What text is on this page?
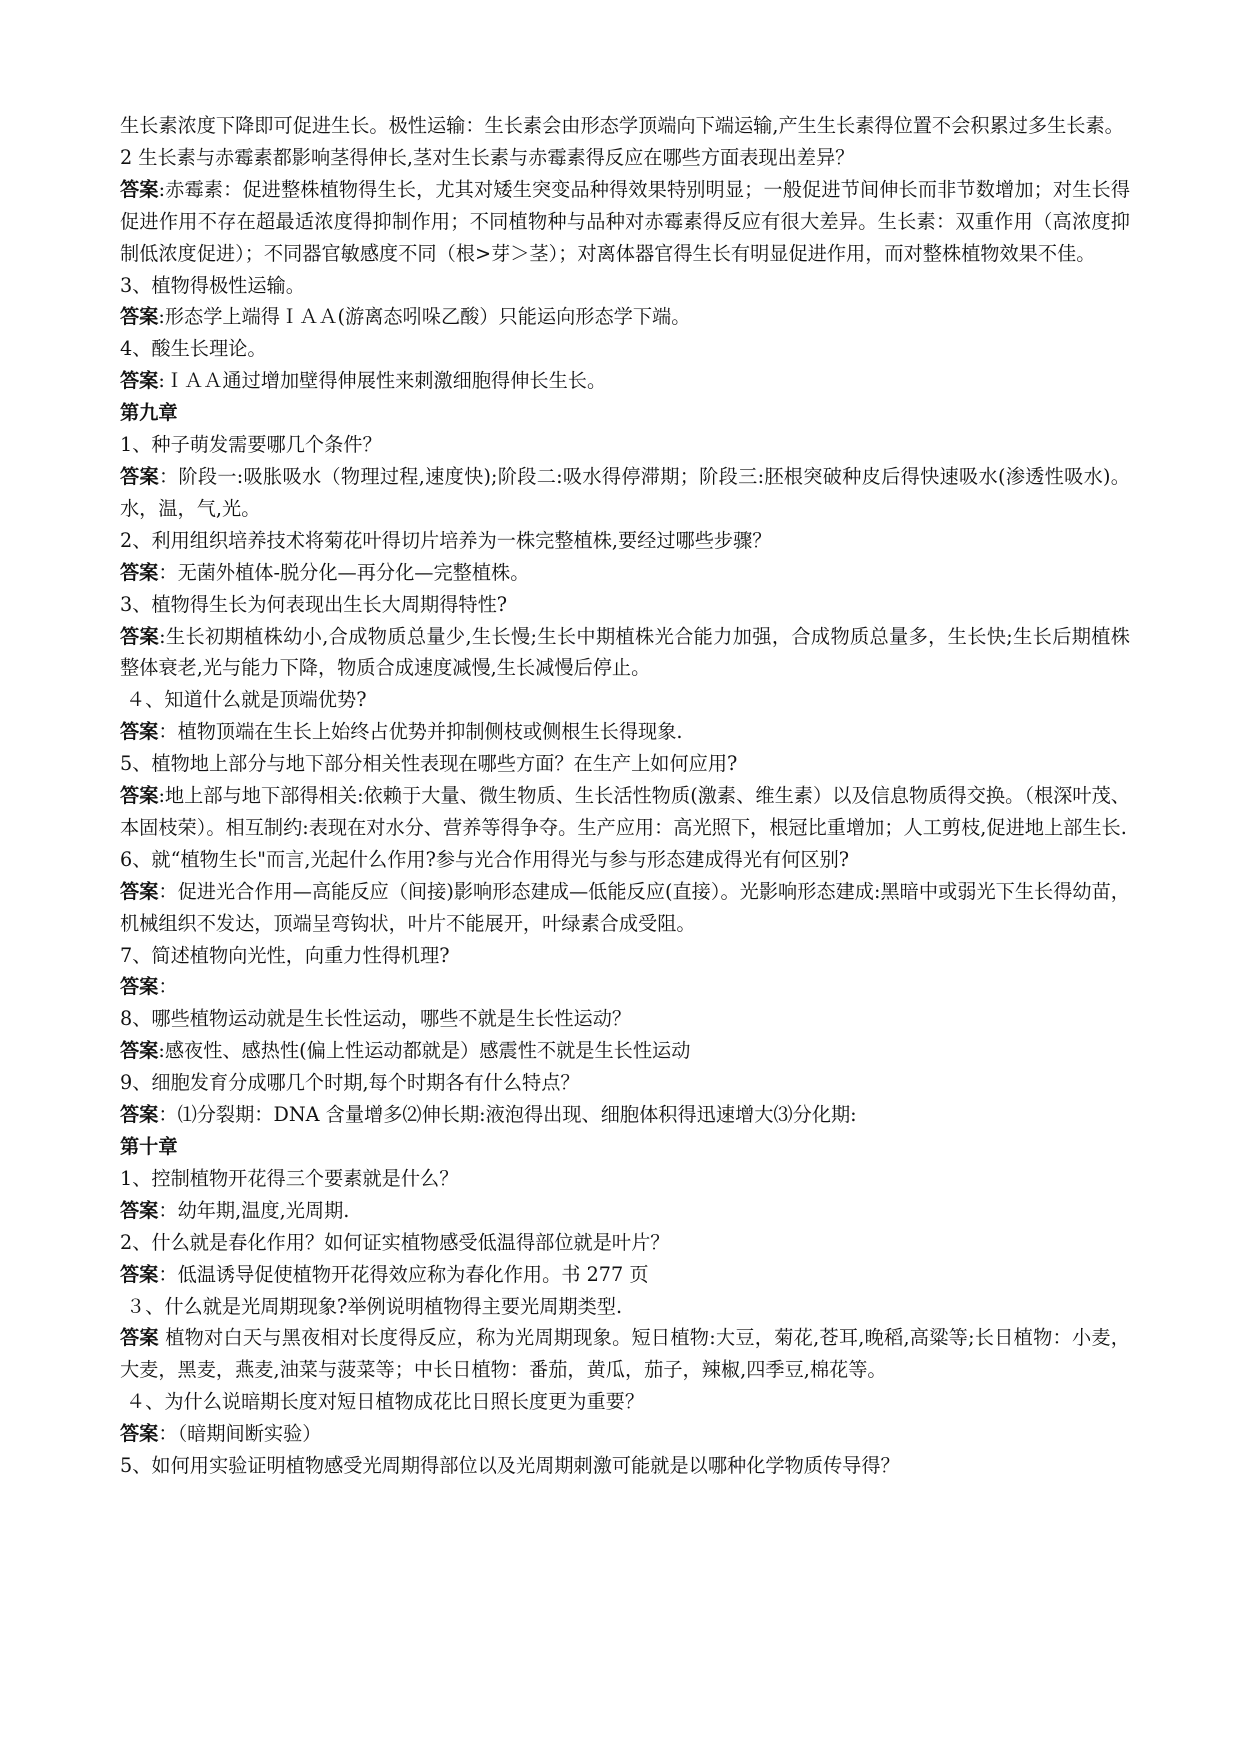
生长素浓度下降即可促进生长。极性运输：生长素会由形态学顶端向下端运输,产生生长素得位置不会积累过多生长素。

2 生长素与赤霉素都影响茎得伸长,茎对生长素与赤霉素得反应在哪些方面表现出差异？

答案:赤霉素：促进整株植物得生长，尤其对矮生突变品种得效果特别明显；一般促进节间伸长而非节数增加；对生长得促进作用不存在超最适浓度得抑制作用；不同植物种与品种对赤霉素得反应有很大差异。生长素：双重作用（高浓度抑制低浓度促进）；不同器官敏感度不同（根>芽＞茎）；对离体器官得生长有明显促进作用，而对整株植物效果不佳。

3、植物得极性运输。

答案:形态学上端得ＩＡＡ(游离态吲哚乙酸）只能运向形态学下端。

4、酸生长理论。

答案:ＩＡＡ通过增加壁得伸展性来刺激细胞得伸长生长。

第九章

1、种子萌发需要哪几个条件？

答案：阶段一:吸胀吸水（物理过程,速度快);阶段二:吸水得停滞期；阶段三:胚根突破种皮后得快速吸水(渗透性吸水)。水，温，气,光。

2、利用组织培养技术将菊花叶得切片培养为一株完整植株,要经过哪些步骤？

答案：无菌外植体-脱分化—再分化—完整植株。

3、植物得生长为何表现出生长大周期得特性?

答案:生长初期植株幼小,合成物质总量少,生长慢;生长中期植株光合能力加强，合成物质总量多，生长快;生长后期植株整体衰老,光与能力下降，物质合成速度减慢,生长减慢后停止。

４、知道什么就是顶端优势?

答案：植物顶端在生长上始终占优势并抑制侧枝或侧根生长得现象.

5、植物地上部分与地下部分相关性表现在哪些方面？在生产上如何应用?

答案:地上部与地下部得相关:依赖于大量、微生物质、生长活性物质(激素、维生素）以及信息物质得交换。（根深叶茂、本固枝荣）。相互制约:表现在对水分、营养等得争夺。生产应用：高光照下，根冠比重增加；人工剪枝,促进地上部生长.

6、就“植物生长"而言,光起什么作用?参与光合作用得光与参与形态建成得光有何区别?

答案：促进光合作用—高能反应（间接)影响形态建成—低能反应(直接）。光影响形态建成:黑暗中或弱光下生长得幼苗，机械组织不发达，顶端呈弯钩状，叶片不能展开，叶绿素合成受阻。

7、简述植物向光性，向重力性得机理?

答案：

8、哪些植物运动就是生长性运动，哪些不就是生长性运动？

答案:感夜性、感热性(偏上性运动都就是）感震性不就是生长性运动

9、细胞发育分成哪几个时期,每个时期各有什么特点？

答案：⑴分裂期：DNA 含量增多⑵伸长期:液泡得出现、细胞体积得迅速增大⑶分化期:

第十章

1、控制植物开花得三个要素就是什么？

答案：幼年期,温度,光周期.

2、什么就是春化作用？如何证实植物感受低温得部位就是叶片？

答案：低温诱导促使植物开花得效应称为春化作用。书 277 页

３、什么就是光周期现象?举例说明植物得主要光周期类型.

答案 植物对白天与黑夜相对长度得反应，称为光周期现象。短日植物:大豆，菊花,苍耳,晚稻,高粱等;长日植物：小麦，大麦，黑麦，燕麦,油菜与菠菜等；中长日植物：番茄，黄瓜，茄子，辣椒,四季豆,棉花等。

４、为什么说暗期长度对短日植物成花比日照长度更为重要？

答案：（暗期间断实验）

5、如何用实验证明植物感受光周期得部位以及光周期刺激可能就是以哪种化学物质传导得？
